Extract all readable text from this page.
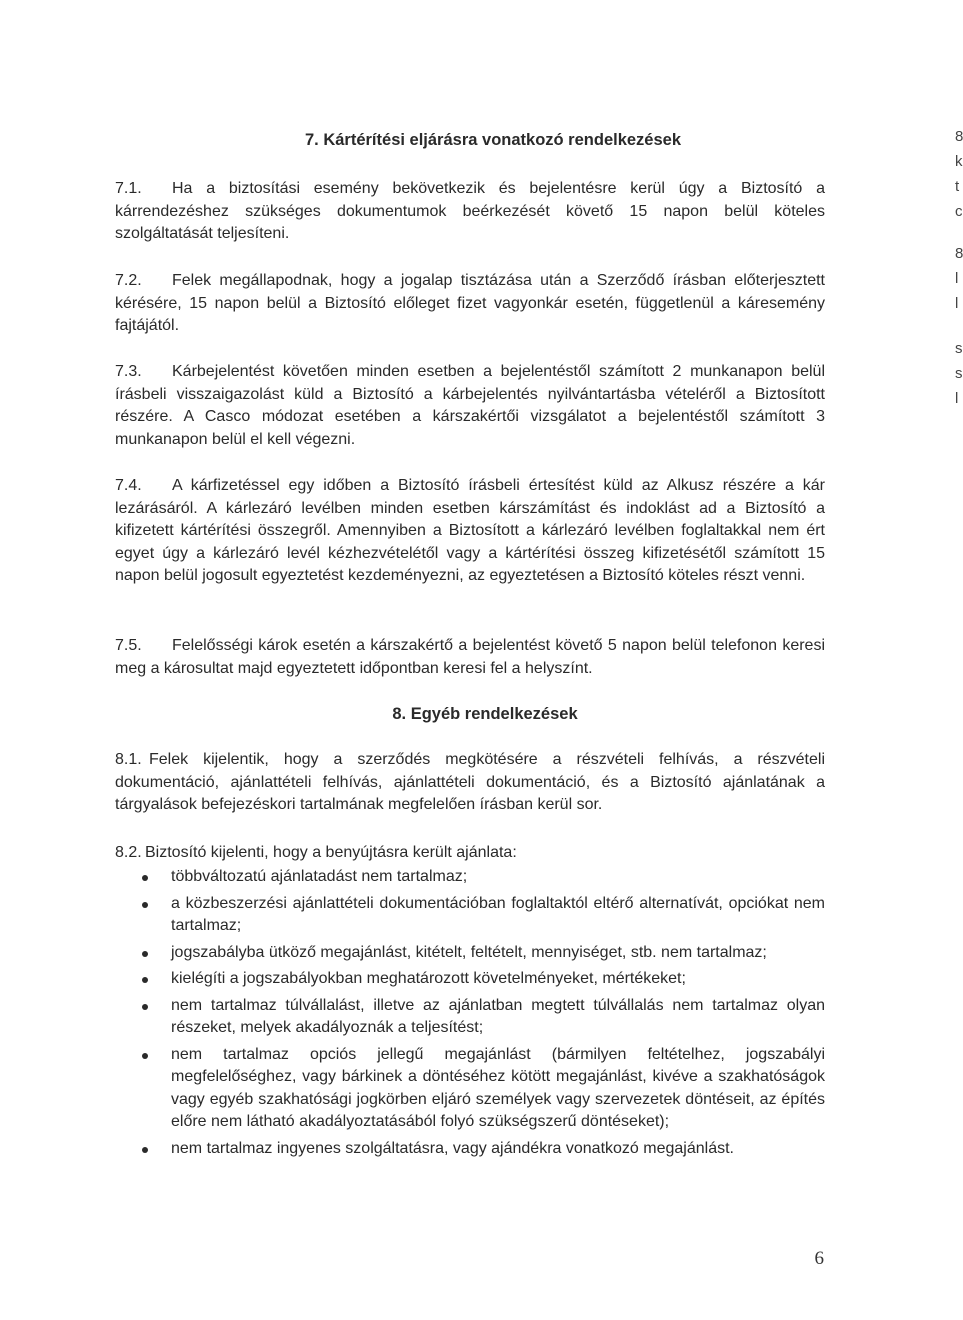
7. Kártérítési eljárásra vonatkozó rendelkezések

7.1. Ha a biztosítási esemény bekövetkezik és bejelentésre kerül úgy a Biztosító a kárrendezéshez szükséges dokumentumok beérkezését követő 15 napon belül köteles szolgáltatását teljesíteni.

7.2. Felek megállapodnak, hogy a jogalap tisztázása után a Szerződő írásban előterjesztett kérésére, 15 napon belül a Biztosító előleget fizet vagyonkár esetén, függetlenül a káresemény fajtájától.

7.3. Kárbejelentést követően minden esetben a bejelentéstől számított 2 munkanapon belül írásbeli visszaigazolást küld a Biztosító a kárbejelentés nyilvántartásba vételéről a Biztosított részére. A Casco módozat esetében a kárszakértői vizsgálatot a bejelentéstől számított 3 munkanapon belül el kell végezni.

7.4. A kárfizetéssel egy időben a Biztosító írásbeli értesítést küld az Alkusz részére a kár lezárásáról. A kárlezáró levélben minden esetben kárszámítást és indoklást ad a Biztosító a kifizetett kártérítési összegről. Amennyiben a Biztosított a kárlezáró levélben foglaltakkal nem ért egyet úgy a kárlezáró levél kézhezvételétől vagy a kártérítési összeg kifizetésétől számított 15 napon belül jogosult egyeztetést kezdeményezni, az egyeztetésen a Biztosító köteles részt venni.

7.5. Felelősségi károk esetén a kárszakértő a bejelentést követő 5 napon belül telefonon keresi meg a károsultat majd egyeztetett időpontban keresi fel a helyszínt.

8. Egyéb rendelkezések

8.1. Felek kijelentik, hogy a szerződés megkötésére a részvételi felhívás, a részvételi dokumentáció, ajánlattételi felhívás, ajánlattételi dokumentáció, és a Biztosító ajánlatának a tárgyalások befejezéskori tartalmának megfelelően írásban kerül sor.

8.2. Biztosító kijelenti, hogy a benyújtásra került ajánlata:

többváltozatú ajánlatadást nem tartalmaz;
a közbeszerzési ajánlattételi dokumentációban foglaltaktól eltérő alternatívát, opciókat nem tartalmaz;
jogszabályba ütköző megajánlást, kitételt, feltételt, mennyiséget, stb. nem tartalmaz;
kielégíti a jogszabályokban meghatározott követelményeket, mértékeket;
nem tartalmaz túlvállalást, illetve az ajánlatban megtett túlvállalás nem tartalmaz olyan részeket, melyek akadályoznák a teljesítést;
nem tartalmaz opciós jellegű megajánlást (bármilyen feltételhez, jogszabályi megfelelőséghez, vagy bárkinek a döntéséhez kötött megajánlást, kivéve a szakhatóságok vagy egyéb szakhatósági jogkörben eljáró személyek vagy szervezetek döntéseit, az építés előre nem látható akadályoztatásából folyó szükségszerű döntéseket);
nem tartalmaz ingyenes szolgáltatásra, vagy ajándékra vonatkozó megajánlást.
6
8
k
t
c
8
l
l
s
s
l
